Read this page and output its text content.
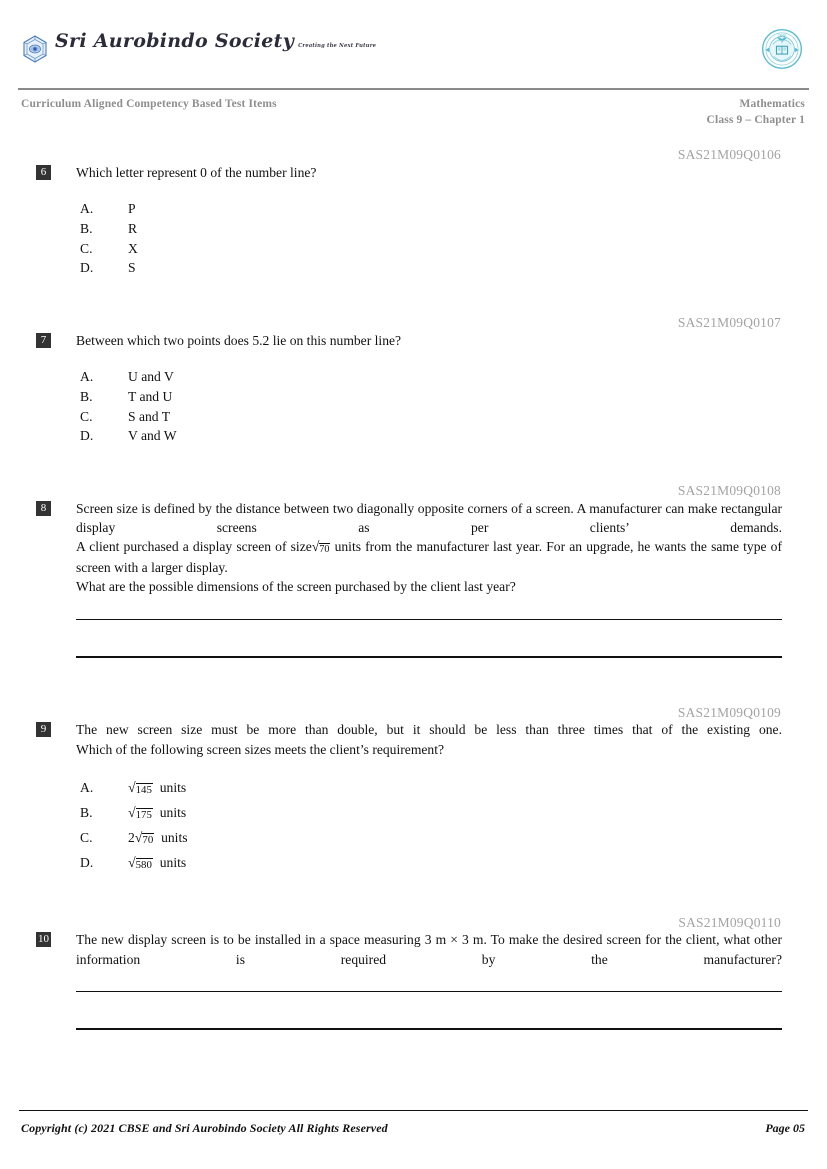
Sri Aurobindo Society Creating the Next Future
CBSE
Curriculum Aligned Competency Based Test Items	Mathematics
Class 9 – Chapter 1
SAS21M09Q0106
6	Which letter represent 0 of the number line?

A.	P
B.	R
C.	X
D.	S
SAS21M09Q0107
7	Between which two points does 5.2 lie on this number line?

A.	U and V
B.	T and U
C.	S and T
D.	V and W
SAS21M09Q0108
8	Screen size is defined by the distance between two diagonally opposite corners of a screen. A manufacturer can make rectangular display screens as per clients’ demands.

A client purchased a display screen of size√70 units from the manufacturer last year. For an upgrade, he wants the same type of screen with a larger display.

What are the possible dimensions of the screen purchased by the client last year?

SAS21M09Q0109
9	The new screen size must be more than double, but it should be less than three times that of the existing one.

Which of the following screen sizes meets the client’s requirement?

A.	√145 units
B.	√175 units
C.	2√70 units
D.	√580 units
SAS21M09Q0110
10 The new display screen is to be installed in a space measuring 3 m × 3 m. To make the desired screen for the client, what other information is required by the manufacturer?

Copyright (c) 2021 CBSE and Sri Aurobindo Society All Rights Reserved	Page 05
